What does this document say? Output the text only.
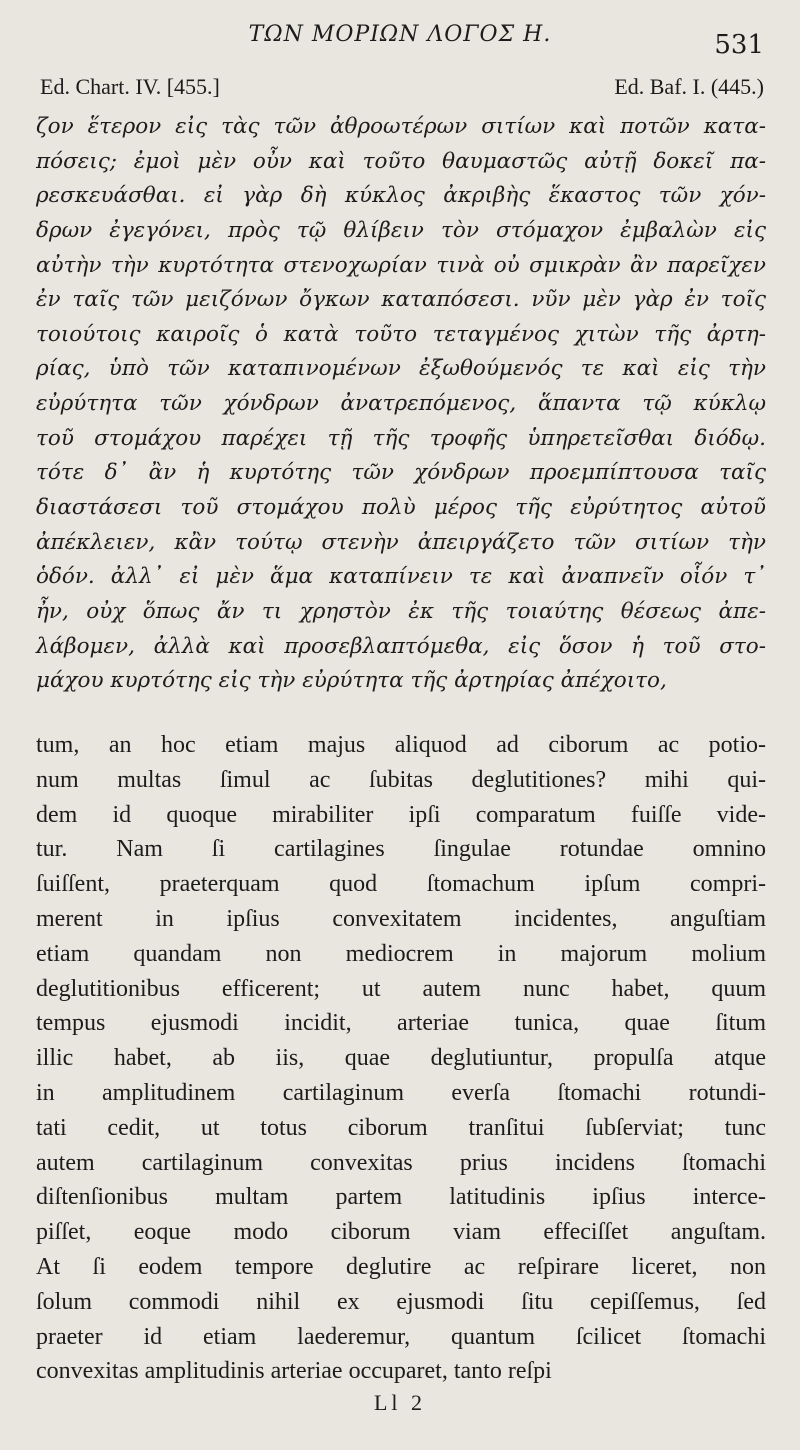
ΤΩΝ ΜΟΡΙΩΝ ΛΟΓΟΣ Η.	531
Ed. Chart. IV. [455.]	Ed. Baf. I. (445.)
ζον ἕτερον εἰς τὰς τῶν ἀθροωτέρων σιτίων καὶ ποτῶν κατα-
πόσεις; ἐμοὶ μὲν οὖν καὶ τοῦτο θαυμαστῶς αὐτῇ δοκεῖ πα-
ρεσκευάσθαι. εἰ γὰρ δὴ κύκλος ἀκριβὴς ἕκαστος τῶν χόν-
δρων ἐγεγόνει, πρὸς τῷ θλίβειν τὸν στόμαχον ἐμβαλὼν εἰς
αὐτὴν τὴν κυρτότητα στενοχωρίαν τινὰ οὐ σμικρὰν ἂν παρεῖχεν
ἐν ταῖς τῶν μειζόνων ὄγκων καταπόσεσι. νῦν μὲν γὰρ ἐν τοῖς
τοιούτοις καιροῖς ὁ κατὰ τοῦτο τεταγμένος χιτὼν τῆς ἀρτη-
ρίας, ὑπὸ τῶν καταπινομένων ἐξωθούμενός τε καὶ εἰς τὴν
εὐρύτητα τῶν χόνδρων ἀνατρεπόμενος, ἅπαντα τῷ κύκλῳ
τοῦ στομάχου παρέχει τῇ τῆς τροφῆς ὑπηρετεῖσθαι διόδῳ.
τότε δ᾽ ἂν ἡ κυρτότης τῶν χόνδρων προεμπίπτουσα ταῖς
διαστάσεσι τοῦ στομάχου πολὺ μέρος τῆς εὐρύτητος αὐτοῦ
ἀπέκλειεν, κἂν τούτῳ στενὴν ἀπειργάζετο τῶν σιτίων τὴν
ὁδόν. ἀλλ᾽ εἰ μὲν ἅμα καταπίνειν τε καὶ ἀναπνεῖν οἷόν τ᾽
ἦν, οὐχ ὅπως ἄν τι χρηστὸν ἐκ τῆς τοιαύτης θέσεως ἀπε-
λάβομεν, ἀλλὰ καὶ προσεβλαπτόμεθα, εἰς ὅσον ἡ τοῦ στο-
μάχου κυρτότης εἰς τὴν εὐρύτητα τῆς ἀρτηρίας ἀπέχοιτο,
tum, an hoc etiam majus aliquod ad ciborum ac potio-
num multas ſimul ac ſubitas deglutitiones? mihi qui-
dem id quoque mirabiliter ipſi comparatum fuiſſe vide-
tur. Nam ſi cartilagines ſingulae rotundae omnino
ſuiſſent, praeterquam quod ſtomachum ipſum compri-
merent in ipſius convexitatem incidentes, anguſtiam
etiam quandam non mediocrem in majorum molium
deglutitionibus efficerent; ut autem nunc habet, quum
tempus ejusmodi incidit, arteriae tunica, quae ſitum
illic habet, ab iis, quae deglutiuntur, propulſa atque
in amplitudinem cartilaginum everſa ſtomachi rotundi-
tati cedit, ut totus ciborum tranſitui ſubſerviat; tunc
autem cartilaginum convexitas prius incidens ſtomachi
diſtenſionibus multam partem latitudinis ipſius interce-
piſſet, eoque modo ciborum viam effeciſſet anguſtam.
At ſi eodem tempore deglutire ac reſpirare liceret, non
ſolum commodi nihil ex ejusmodi ſitu cepiſſemus, ſed
praeter id etiam laederemur, quantum ſcilicet ſtomachi
convexitas amplitudinis arteriae occuparet, tanto reſpi
Ll 2
